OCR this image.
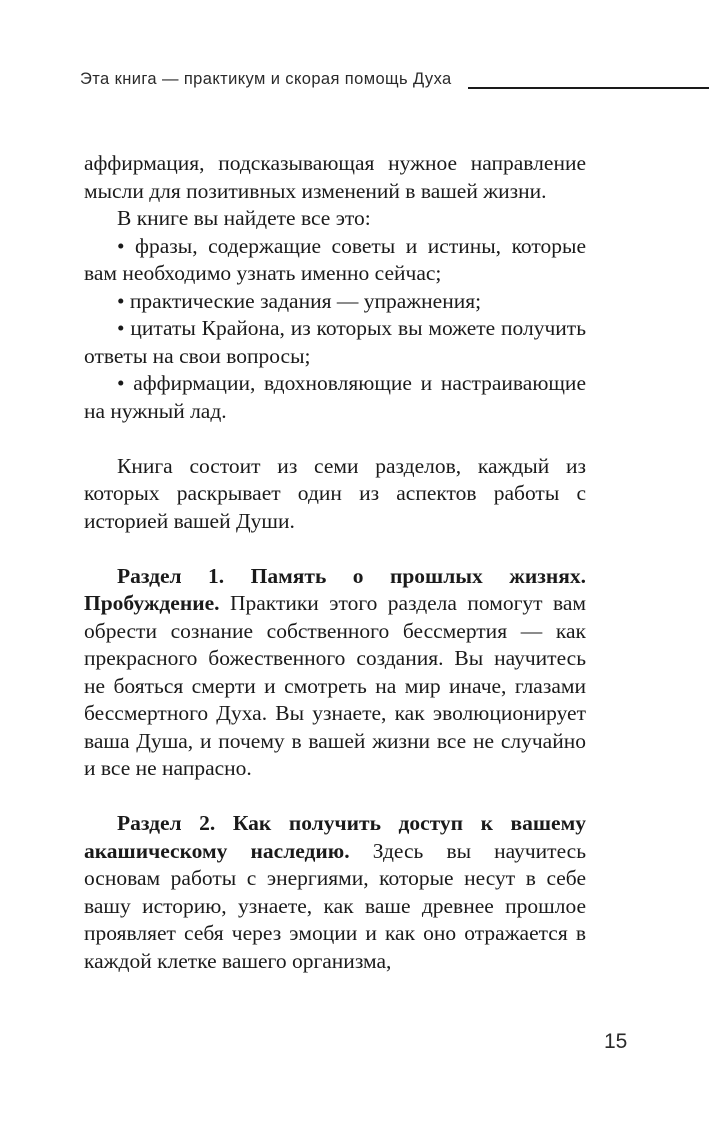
Эта книга — практикум и скорая помощь Духа

аффирмация, подсказывающая нужное направление мысли для позитивных изменений в вашей жизни.

В книге вы найдете все это:

• фразы, содержащие советы и истины, которые вам необходимо узнать именно сейчас;

• практические задания — упражнения;

• цитаты Крайона, из которых вы можете получить ответы на свои вопросы;

• аффирмации, вдохновляющие и настраивающие на нужный лад.

Книга состоит из семи разделов, каждый из которых раскрывает один из аспектов работы с историей вашей Души.

Раздел 1. Память о прошлых жизнях. Пробуждение. Практики этого раздела помогут вам обрести сознание собственного бессмертия — как прекрасного божественного создания. Вы научитесь не бояться смерти и смотреть на мир иначе, глазами бессмертного Духа. Вы узнаете, как эволюционирует ваша Душа, и почему в вашей жизни все не случайно и все не напрасно.

Раздел 2. Как получить доступ к вашему акашическому наследию. Здесь вы научитесь основам работы с энергиями, которые несут в себе вашу историю, узнаете, как ваше древнее прошлое проявляет себя через эмоции и как оно отражается в каждой клетке вашего организма,

15
